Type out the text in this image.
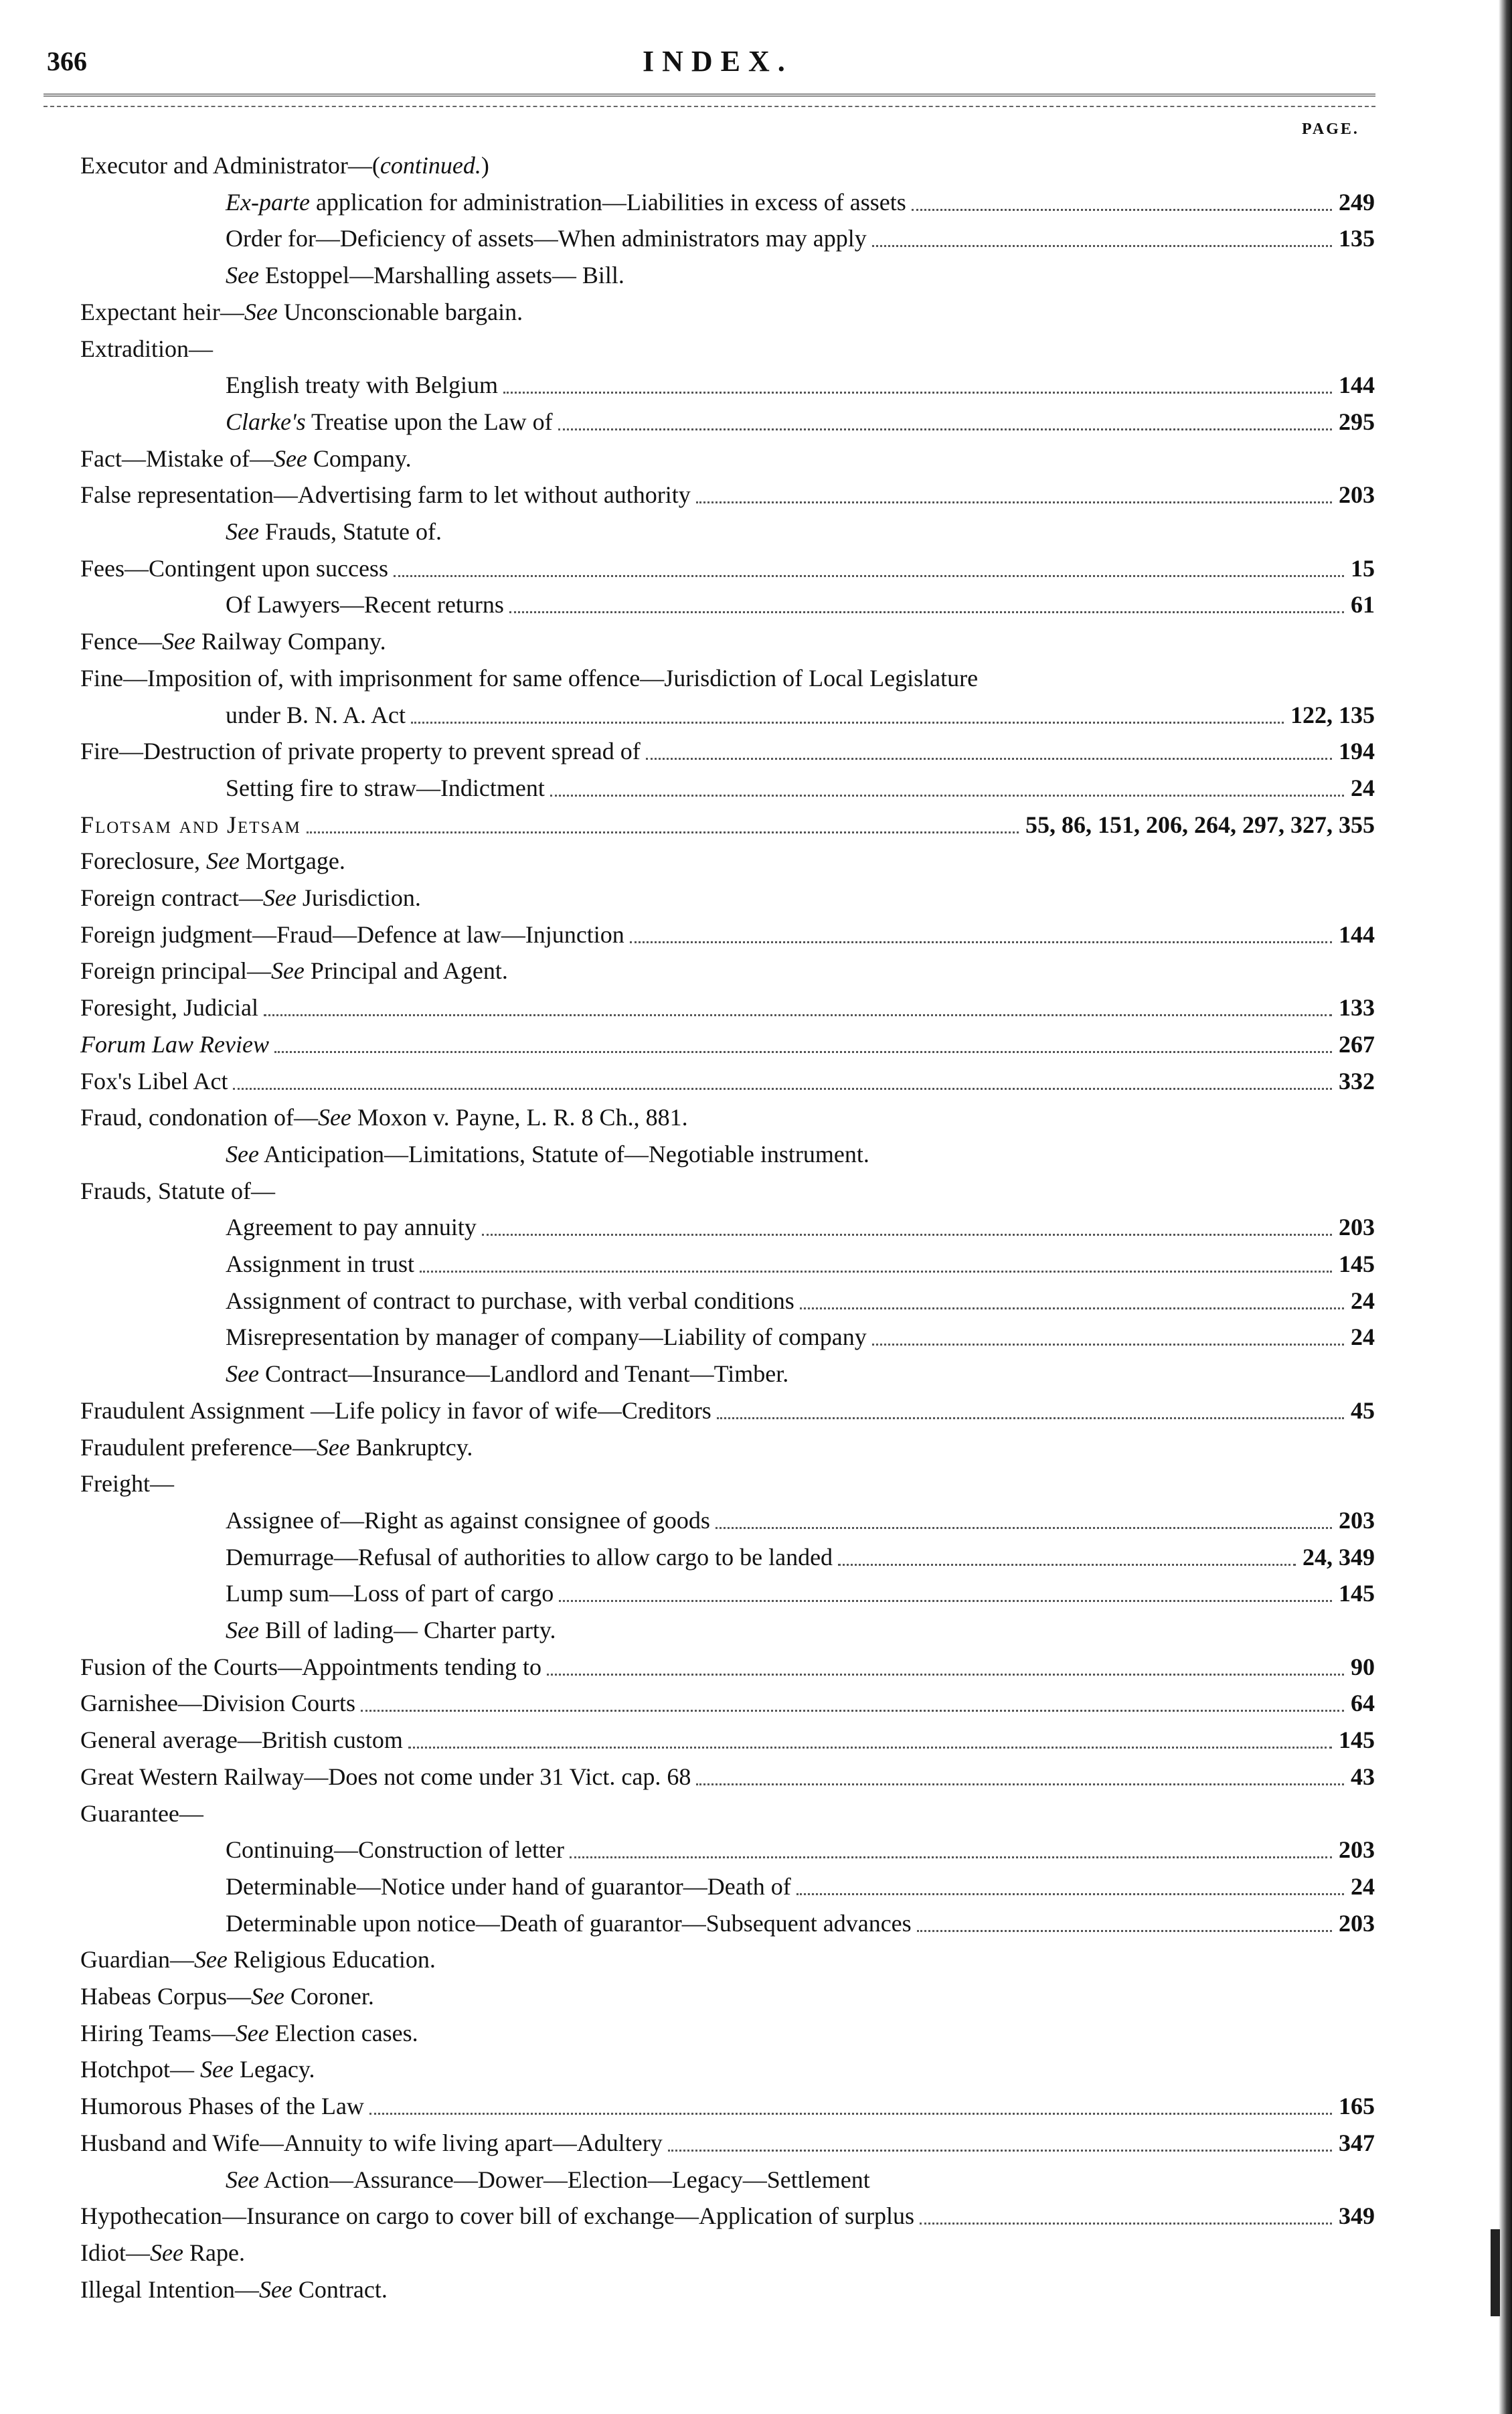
366	INDEX.
PAGE.
Executor and Administrator—(continued.)
Ex-parte application for administration—Liabilities in excess of assets	249
Order for—Deficiency of assets—When administrators may apply	135
See Estoppel—Marshalling assets— Bill.
Expectant heir—See Unconscionable bargain.
Extradition—
English treaty with Belgium	144
Clarke's Treatise upon the Law of	295
Fact—Mistake of—See Company.
False representation—Advertising farm to let without authority	203
See Frauds, Statute of.
Fees—Contingent upon success	15
Of Lawyers—Recent returns	61
Fence—See Railway Company.
Fine—Imposition of, with imprisonment for same offence—Jurisdiction of Local Legislature
under B. N. A. Act	122, 135
Fire—Destruction of private property to prevent spread of	194
Setting fire to straw—Indictment	24
Flotsam and Jetsam	55, 86, 151, 206, 264, 297, 327, 355
Foreclosure, See Mortgage.
Foreign contract—See Jurisdiction.
Foreign judgment—Fraud—Defence at law—Injunction	144
Foreign principal—See Principal and Agent.
Foresight, Judicial	133
Forum Law Review	267
Fox's Libel Act	332
Fraud, condonation of—See Moxon v. Payne, L. R. 8 Ch., 881.
See Anticipation—Limitations, Statute of—Negotiable instrument.
Frauds, Statute of—
Agreement to pay annuity	203
Assignment in trust	145
Assignment of contract to purchase, with verbal conditions	24
Misrepresentation by manager of company—Liability of company	24
See Contract—Insurance—Landlord and Tenant—Timber.
Fraudulent Assignment —Life policy in favor of wife—Creditors	45
Fraudulent preference—See Bankruptcy.
Freight—
Assignee of—Right as against consignee of goods	203
Demurrage—Refusal of authorities to allow cargo to be landed	24, 349
Lump sum—Loss of part of cargo	145
See Bill of lading— Charter party.
Fusion of the Courts—Appointments tending to	90
Garnishee—Division Courts	64
General average—British custom	145
Great Western Railway—Does not come under 31 Vict. cap. 68	43
Guarantee—
Continuing—Construction of letter	203
Determinable—Notice under hand of guarantor—Death of	24
Determinable upon notice—Death of guarantor—Subsequent advances	203
Guardian—See Religious Education.
Habeas Corpus—See Coroner.
Hiring Teams—See Election cases.
Hotchpot— See Legacy.
Humorous Phases of the Law	165
Husband and Wife—Annuity to wife living apart—Adultery	347
See Action—Assurance—Dower—Election—Legacy—Settlement
Hypothecation—Insurance on cargo to cover bill of exchange—Application of surplus	349
Idiot—See Rape.
Illegal Intention—See Contract.
